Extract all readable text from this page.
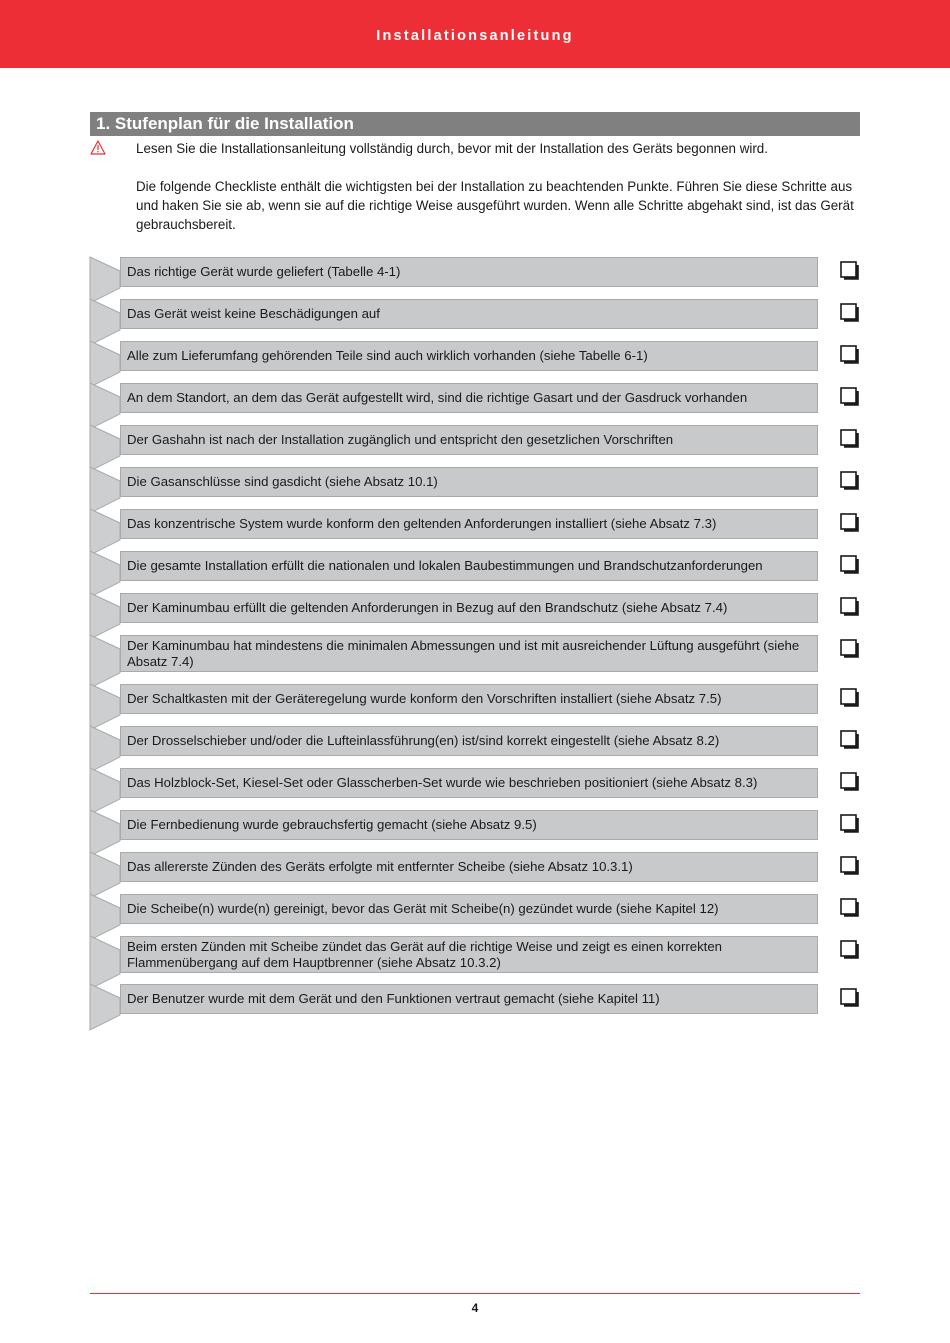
Installationsanleitung
1. Stufenplan für die Installation
Lesen Sie die Installationsanleitung vollständig durch, bevor mit der Installation des Geräts begonnen wird.
Die folgende Checkliste enthält die wichtigsten bei der Installation zu beachtenden Punkte. Führen Sie diese Schritte aus und haken Sie sie ab, wenn sie auf die richtige Weise ausgeführt wurden. Wenn alle Schritte abgehakt sind, ist das Gerät gebrauchsbereit.
Das richtige Gerät wurde geliefert (Tabelle 4-1)
Das Gerät weist keine Beschädigungen auf
Alle zum Lieferumfang gehörenden Teile sind auch wirklich vorhanden (siehe Tabelle 6-1)
An dem Standort, an dem das Gerät aufgestellt wird, sind die richtige Gasart und der Gasdruck vorhanden
Der Gashahn ist nach der Installation zugänglich und entspricht den gesetzlichen Vorschriften
Die Gasanschlüsse sind gasdicht (siehe Absatz 10.1)
Das konzentrische System wurde konform den geltenden Anforderungen installiert (siehe Absatz 7.3)
Die gesamte Installation erfüllt die nationalen und lokalen Baubestimmungen und Brandschutzanforderungen
Der Kaminumbau erfüllt die geltenden Anforderungen in Bezug auf den Brandschutz (siehe Absatz 7.4)
Der Kaminumbau hat mindestens die minimalen Abmessungen und ist mit ausreichender Lüftung ausgeführt (siehe Absatz 7.4)
Der Schaltkasten mit der Geräteregelung wurde konform den Vorschriften installiert (siehe Absatz 7.5)
Der Drosselschieber und/oder die Lufteinlassführung(en) ist/sind korrekt eingestellt (siehe Absatz 8.2)
Das Holzblock-Set, Kiesel-Set oder Glasscherben-Set wurde wie beschrieben positioniert (siehe Absatz 8.3)
Die Fernbedienung wurde gebrauchsfertig gemacht (siehe Absatz 9.5)
Das allererste Zünden des Geräts erfolgte mit entfernter Scheibe (siehe Absatz 10.3.1)
Die Scheibe(n) wurde(n) gereinigt, bevor das Gerät mit Scheibe(n) gezündet wurde (siehe Kapitel 12)
Beim ersten Zünden mit Scheibe zündet das Gerät auf die richtige Weise und zeigt es einen korrekten Flammenübergang auf dem Hauptbrenner (siehe Absatz 10.3.2)
Der Benutzer wurde mit dem Gerät und den Funktionen vertraut gemacht (siehe Kapitel 11)
4
